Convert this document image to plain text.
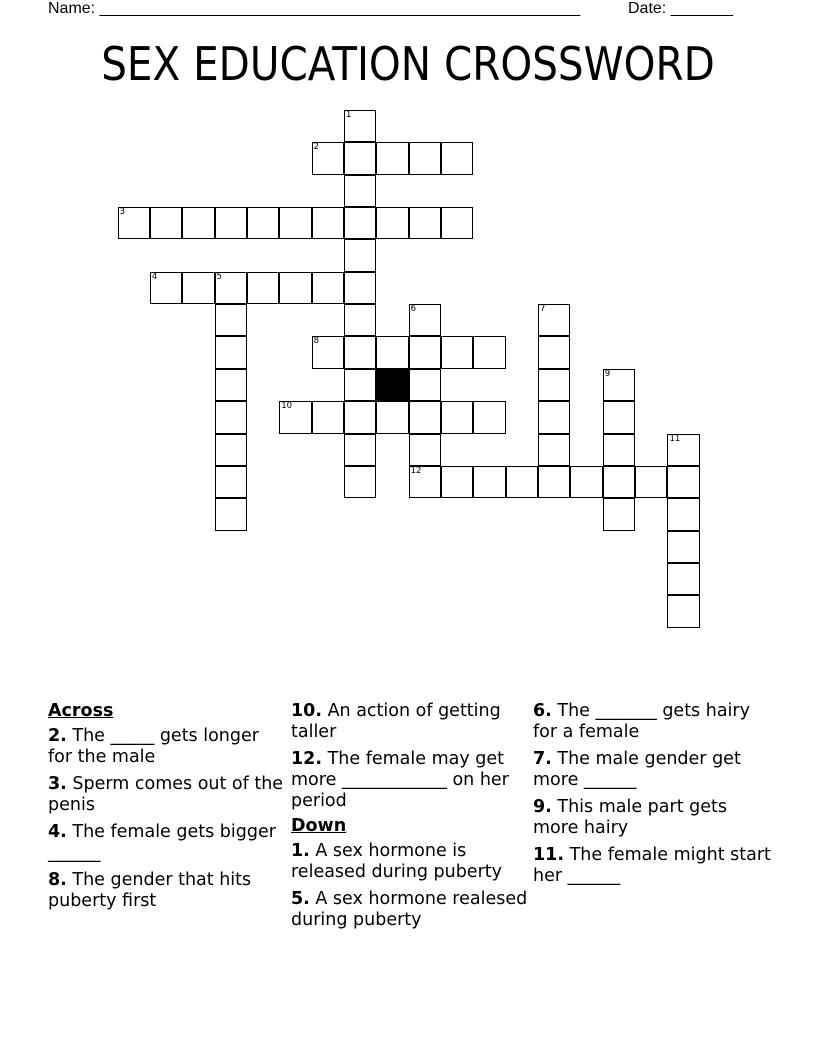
Name: ______________________________________________________	Date: _______
SEX EDUCATION CROSSWORD
1
2
3
4	5
6
12
7
8
9
10
11
Across
2. The _____ gets longer for the male
3. Sperm comes out of the penis
4. The female gets bigger ______
8. The gender that hits puberty first
10. An action of getting taller
12. The female may get more ____________ on her period
Down
1. A sex hormone is released during puberty
5. A sex hormone realesed during puberty
6. The _______ gets hairy for a female
7. The male gender get more ______
9. This male part gets more hairy
11. The female might start her ______
